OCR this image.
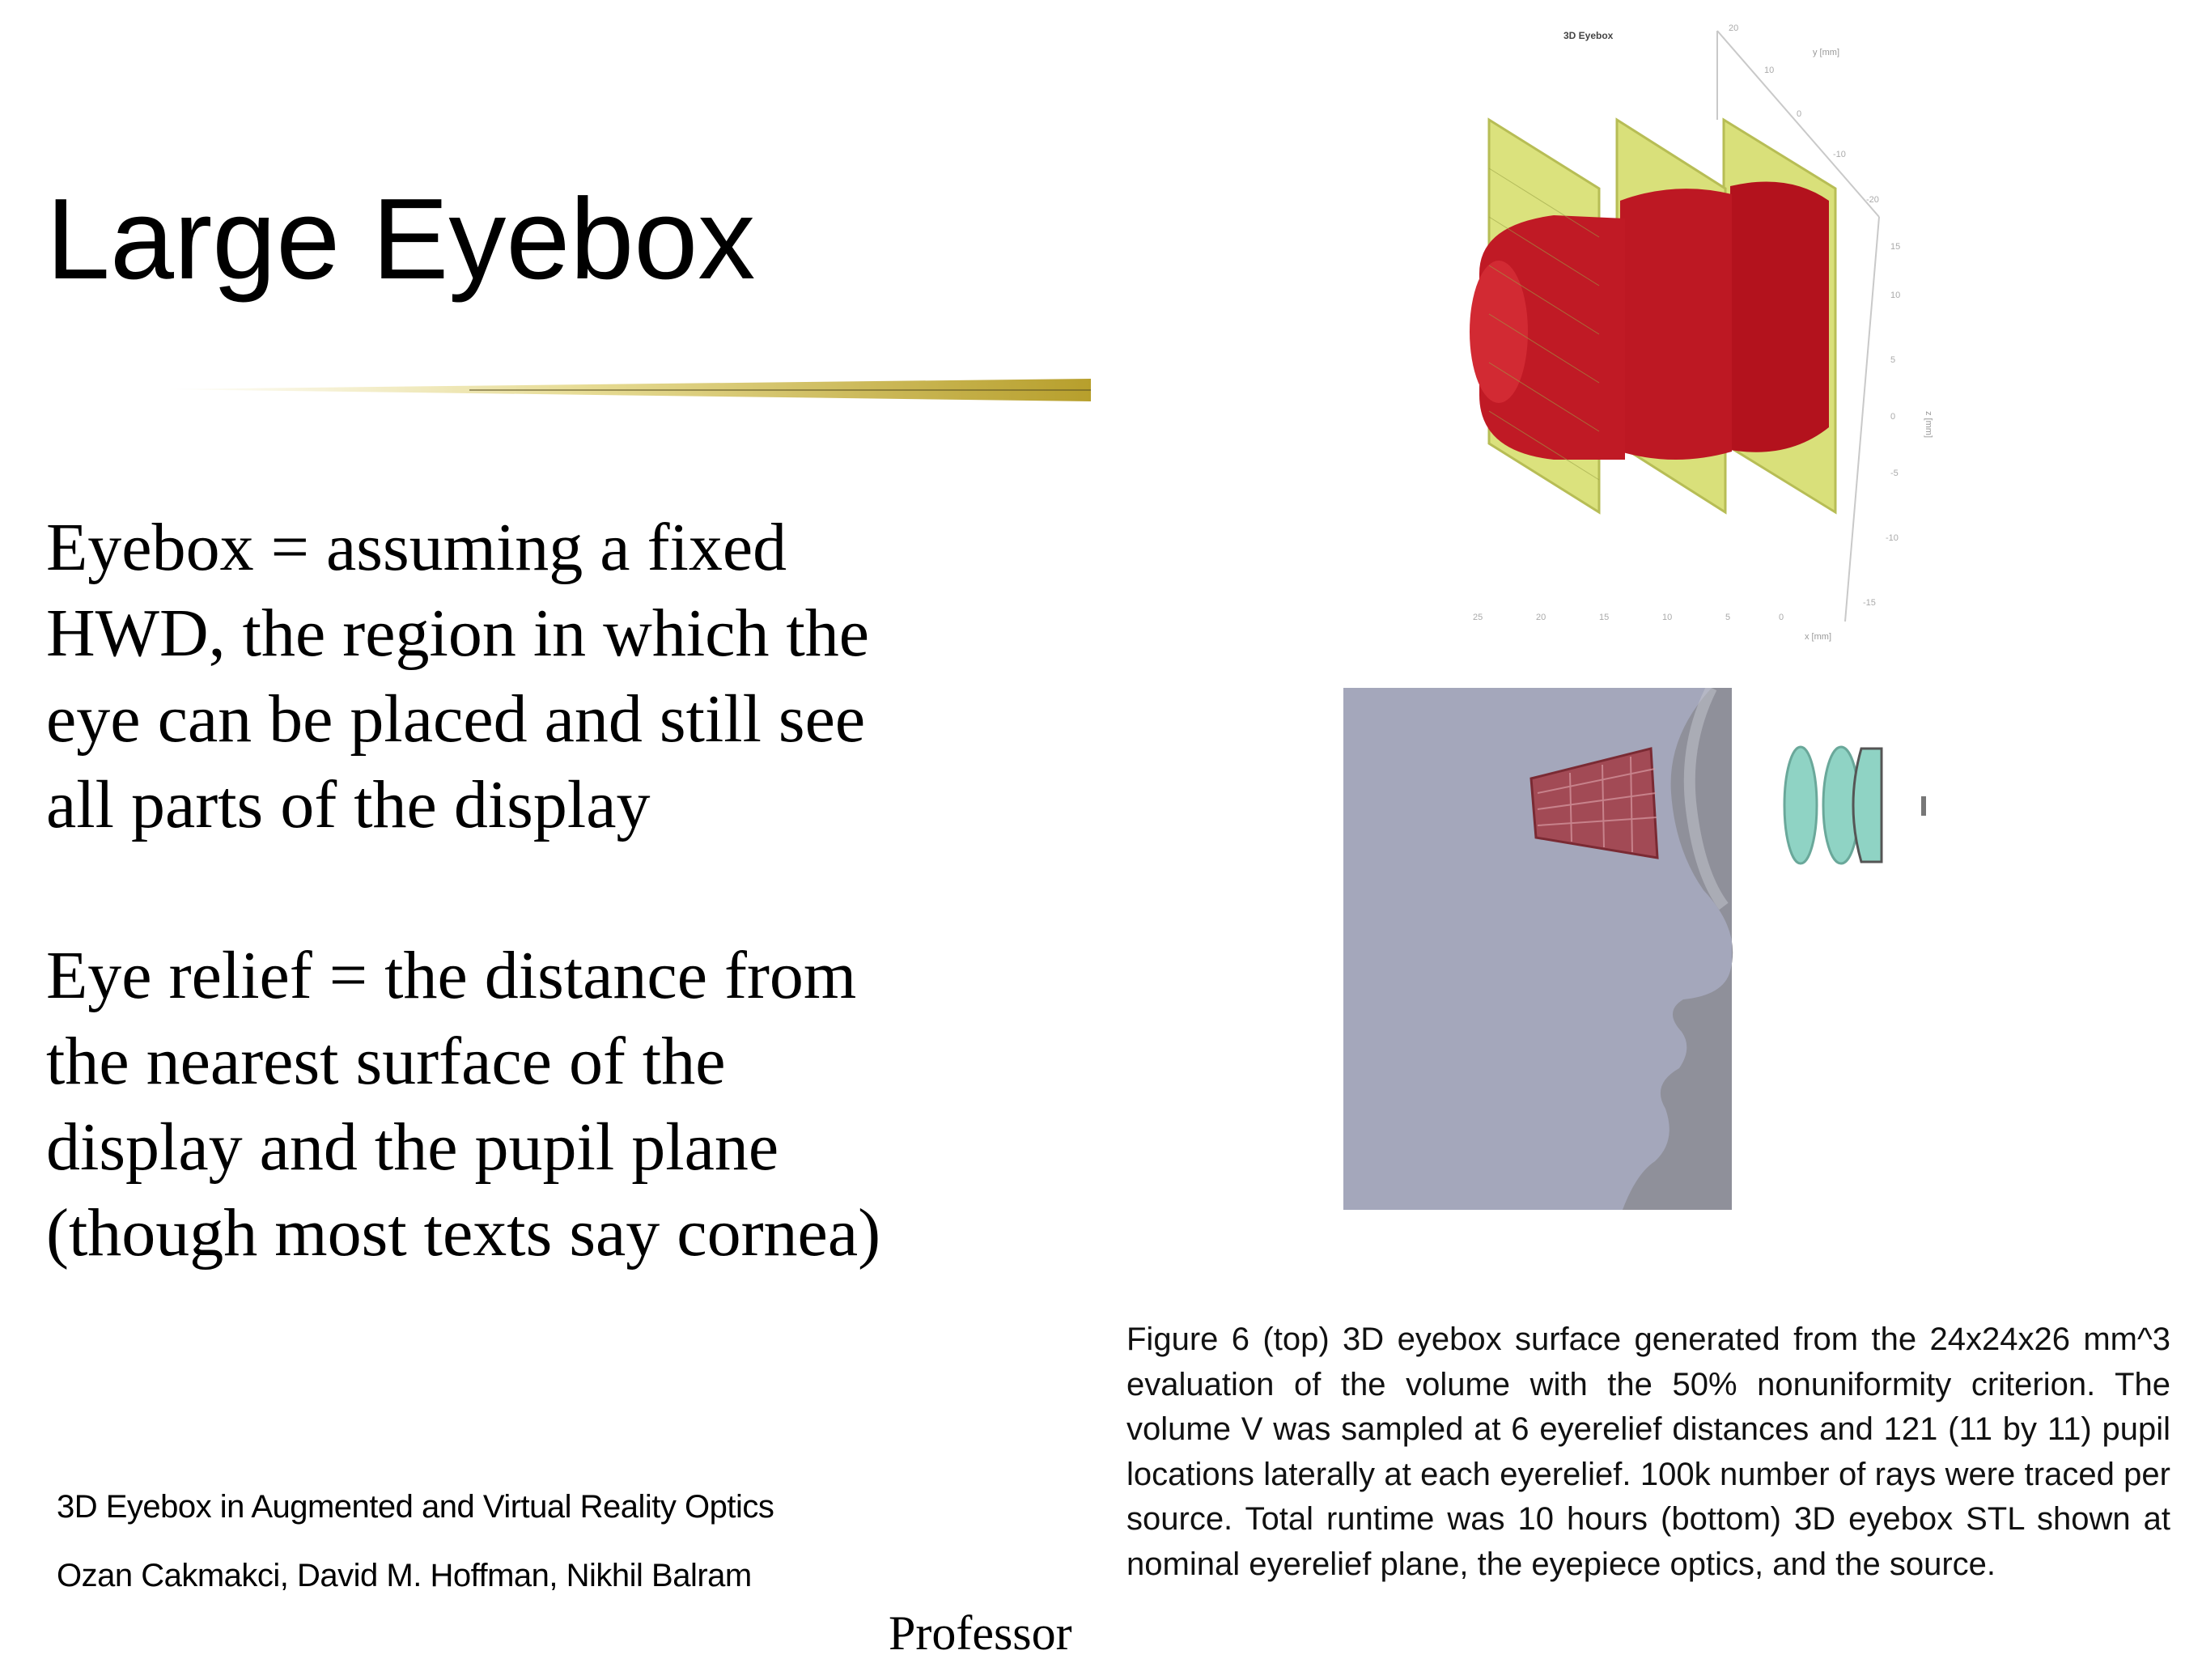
Large Eyebox
Eyebox = assuming a fixed
HWD, the region in which the
eye can be placed and still see
all parts of the display
Eye relief = the distance from
the nearest surface of the
display and the pupil plane
(though most texts say cornea)
3D Eyebox in Augmented and Virtual Reality Optics
Ozan Cakmakci, David M. Hoffman, Nikhil Balram
Professor
3D Eyebox
20
10
0
-10
-20
15
10
5
0
-5
-10
-15
25	20	15	10	5	0
y [mm]
x [mm]
z [mm]
Figure 6 (top) 3D eyebox surface generated from the 24x24x26 mm^3 evaluation of the volume with the 50% nonuniformity criterion. The volume V was sampled at 6 eyerelief distances and 121 (11 by 11) pupil locations laterally at each eyerelief. 100k number of rays were traced per source. Total runtime was 10 hours (bottom) 3D eyebox STL shown at nominal eyerelief plane, the eyepiece optics, and the source.
